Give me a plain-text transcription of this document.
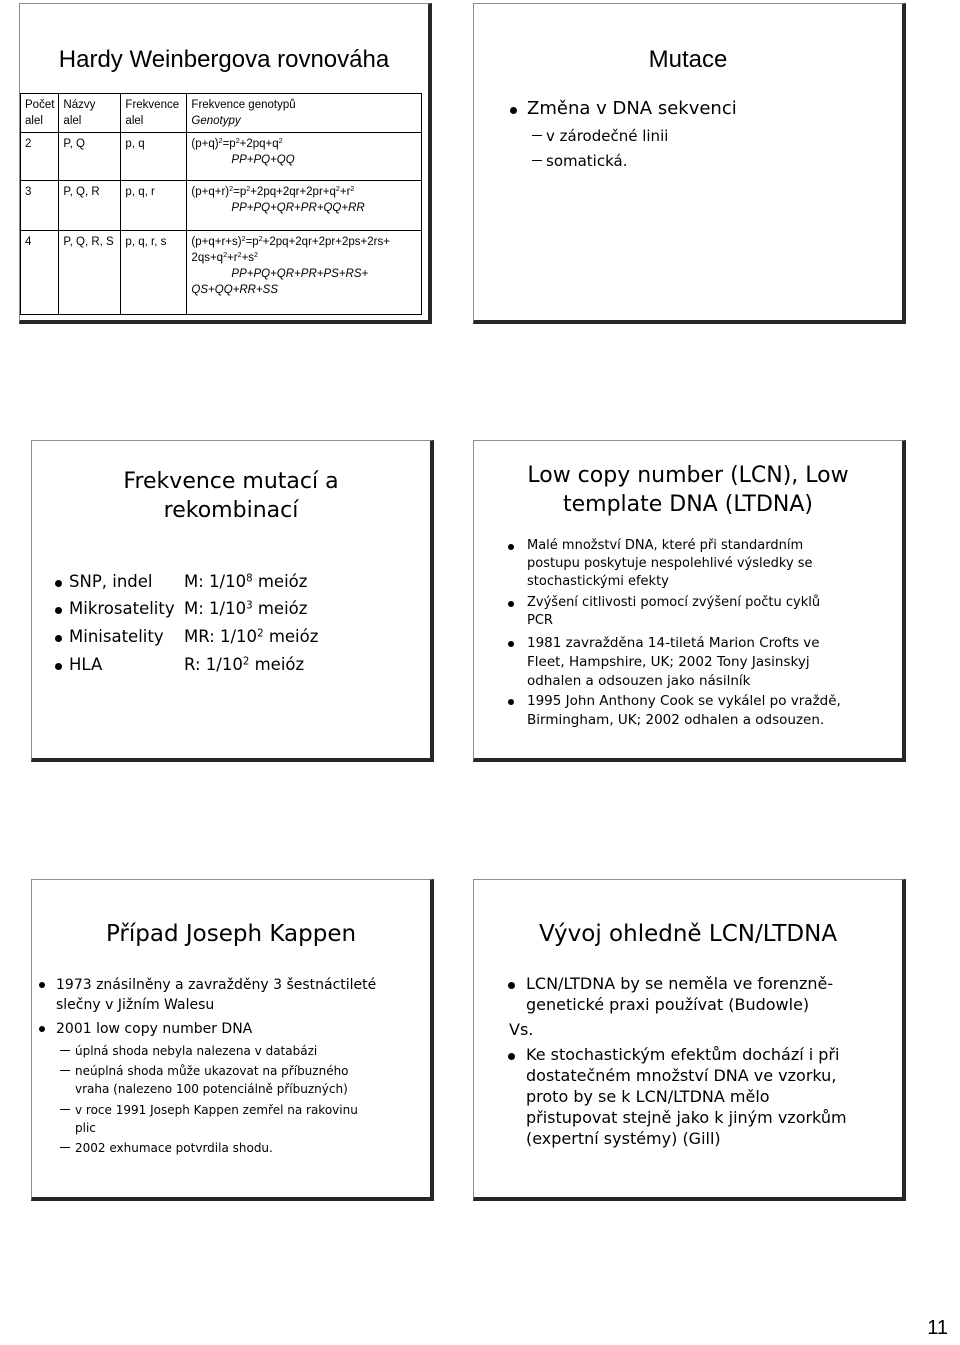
Hardy Weinbergova rovnováha
Počet alel	Názvy alel	Frekvence alel	Frekvence genotypů
Genotypy
2	P, Q	p, q	$(p+q)^2=p^2+2pq+q^2$
PP+PQ+QQ

3	P, Q, R	p, q, r	$(p+q+r)^2=p^2+2pq+2qr+2pr+q^2+r^2$
PP+PQ+QR+PR+QQ+RR

4	P, Q, R, S	p, q, r, s	$(p+q+r+s)^2=p^2+2pq+2qr+2pr+2ps+2rs+$
$2qs+q^2+r^2+s^2$
PP+PQ+QR+PR+PS+RS+
QS+QQ+RR+SS
Mutace
Změna v DNA sekvenci
v zárodečné linii
somatická.
Frekvence mutací a
rekombinací
SNP, indel M: $1/10^8$ meióz
Mikrosatelity M: $1/10^3$ meióz
Minisatelity MR: $1/10^2$ meióz
HLA	R: $1/10^2$ meióz
Low copy number (LCN), Low
template DNA (LTDNA)
Malé množství DNA, které při standardním
postupu poskytuje nespolehlivé výsledky se
stochastickými efekty
Zvýšení citlivosti pomocí zvýšení počtu cyklů
PCR
1981 zavražděna 14-tiletá Marion Crofts ve
Fleet, Hampshire, UK; 2002 Tony Jasinskyj
odhalen a odsouzen jako násilník
1995 John Anthony Cook se vykálel po vraždě,
Birmingham, UK; 2002 odhalen a odsouzen.
Případ Joseph Kappen
1973 znásilněny a zavražděny 3 šestnáctileté
slečny v Jižním Walesu
2001 low copy number DNA
úplná shoda nebyla nalezena v databázi
neúplná shoda může ukazovat na příbuzného
vraha (nalezeno 100 potenciálně příbuzných)
v roce 1991 Joseph Kappen zemřel na rakovinu
plic
2002 exhumace potvrdila shodu.
Vývoj ohledně LCN/LTDNA
LCN/LTDNA by se neměla ve forenzně-
genetické praxi používat (Budowle)
Vs.
Ke stochastickým efektům dochází i při
dostatečném množství DNA ve vzorku,
proto by se k LCN/LTDNA mělo
přistupovat stejně jako k jiným vzorkům
(expertní systémy) (Gill)
11
